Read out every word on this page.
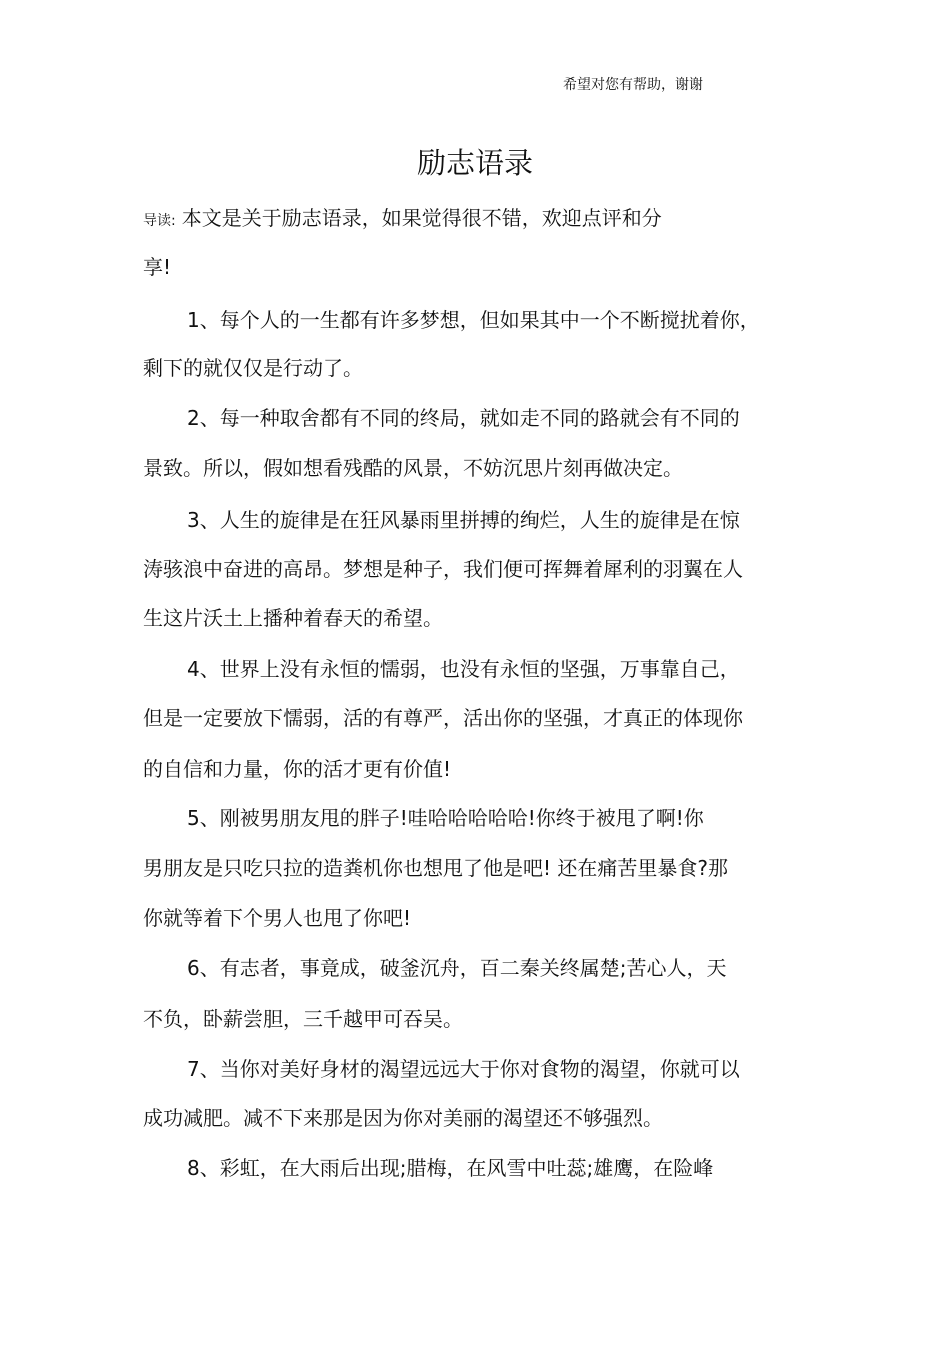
希望对您有帮助，谢谢
励志语录
导读: 本文是关于励志语录，如果觉得很不错，欢迎点评和分
享!
1、每个人的一生都有许多梦想，但如果其中一个不断搅扰着你，
剩下的就仅仅是行动了。
2、每一种取舍都有不同的终局，就如走不同的路就会有不同的
景致。所以，假如想看残酷的风景，不妨沉思片刻再做决定。
3、人生的旋律是在狂风暴雨里拼搏的绚烂，人生的旋律是在惊
涛骇浪中奋进的高昂。梦想是种子，我们便可挥舞着犀利的羽翼在人
生这片沃土上播种着春天的希望。
4、世界上没有永恒的懦弱，也没有永恒的坚强，万事靠自己，
但是一定要放下懦弱，活的有尊严，活出你的坚强，才真正的体现你
的自信和力量，你的活才更有价值!
5、刚被男朋友甩的胖子!哇哈哈哈哈哈!你终于被甩了啊!你
男朋友是只吃只拉的造粪机你也想甩了他是吧! 还在痛苦里暴食?那
你就等着下个男人也甩了你吧!
6、有志者，事竟成，破釜沉舟，百二秦关终属楚;苦心人，天
不负，卧薪尝胆，三千越甲可吞吴。
7、当你对美好身材的渴望远远大于你对食物的渴望，你就可以
成功减肥。减不下来那是因为你对美丽的渴望还不够强烈。
8、彩虹，在大雨后出现;腊梅，在风雪中吐蕊;雄鹰，在险峰
